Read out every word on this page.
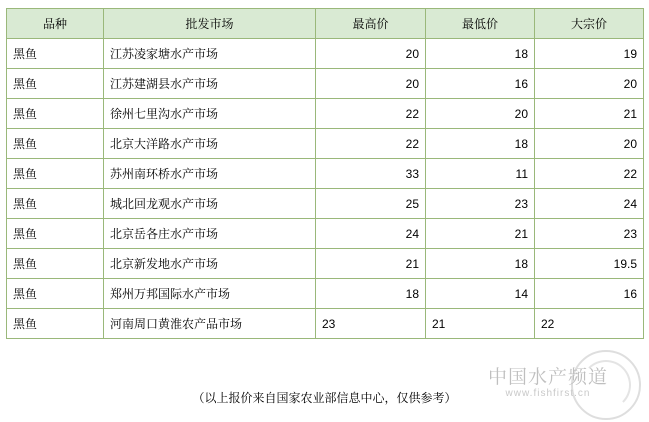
品种	批发市场	最高价	最低价	大宗价
黑鱼	江苏凌家塘水产市场	20	18	19
黑鱼	江苏建湖县水产市场	20	16	20
黑鱼	徐州七里沟水产市场	22	20	21
黑鱼	北京大洋路水产市场	22	18	20
黑鱼	苏州南环桥水产市场	33	11	22
黑鱼	城北回龙观水产市场	25	23	24
黑鱼	北京岳各庄水产市场	24	21	23
黑鱼	北京新发地水产市场	21	18	19.5
黑鱼	郑州万邦国际水产市场	18	14	16
黑鱼	河南周口黄淮农产品市场	23	21	22
（以上报价来自国家农业部信息中心，仅供参考）
中国水产频道
www.fishfirst.cn
